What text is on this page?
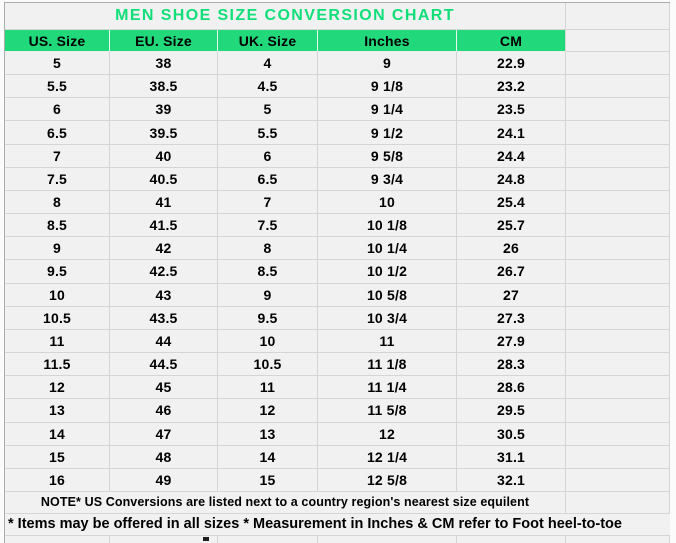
MEN SHOE SIZE CONVERSION CHART
US. Size	EU. Size	UK. Size	Inches	CM
5	38	4	9	22.9
5.5	38.5	4.5	9 1/8	23.2
6	39	5	9 1/4	23.5
6.5	39.5	5.5	9 1/2	24.1
7	40	6	9 5/8	24.4
7.5	40.5	6.5	9 3/4	24.8
8	41	7	10	25.4
8.5	41.5	7.5	10 1/8	25.7
9	42	8	10 1/4	26
9.5	42.5	8.5	10 1/2	26.7
10	43	9	10 5/8	27
10.5	43.5	9.5	10 3/4	27.3
11	44	10	11	27.9
11.5	44.5	10.5	11 1/8	28.3
12	45	11	11 1/4	28.6
13	46	12	11 5/8	29.5
14	47	13	12	30.5
15	48	14	12 1/4	31.1
16	49	15	12 5/8	32.1
NOTE* US Conversions are listed next to a country region's nearest size equilent
* Items may be offered in all sizes * Measurement in Inches & CM refer to Foot heel-to-toe
